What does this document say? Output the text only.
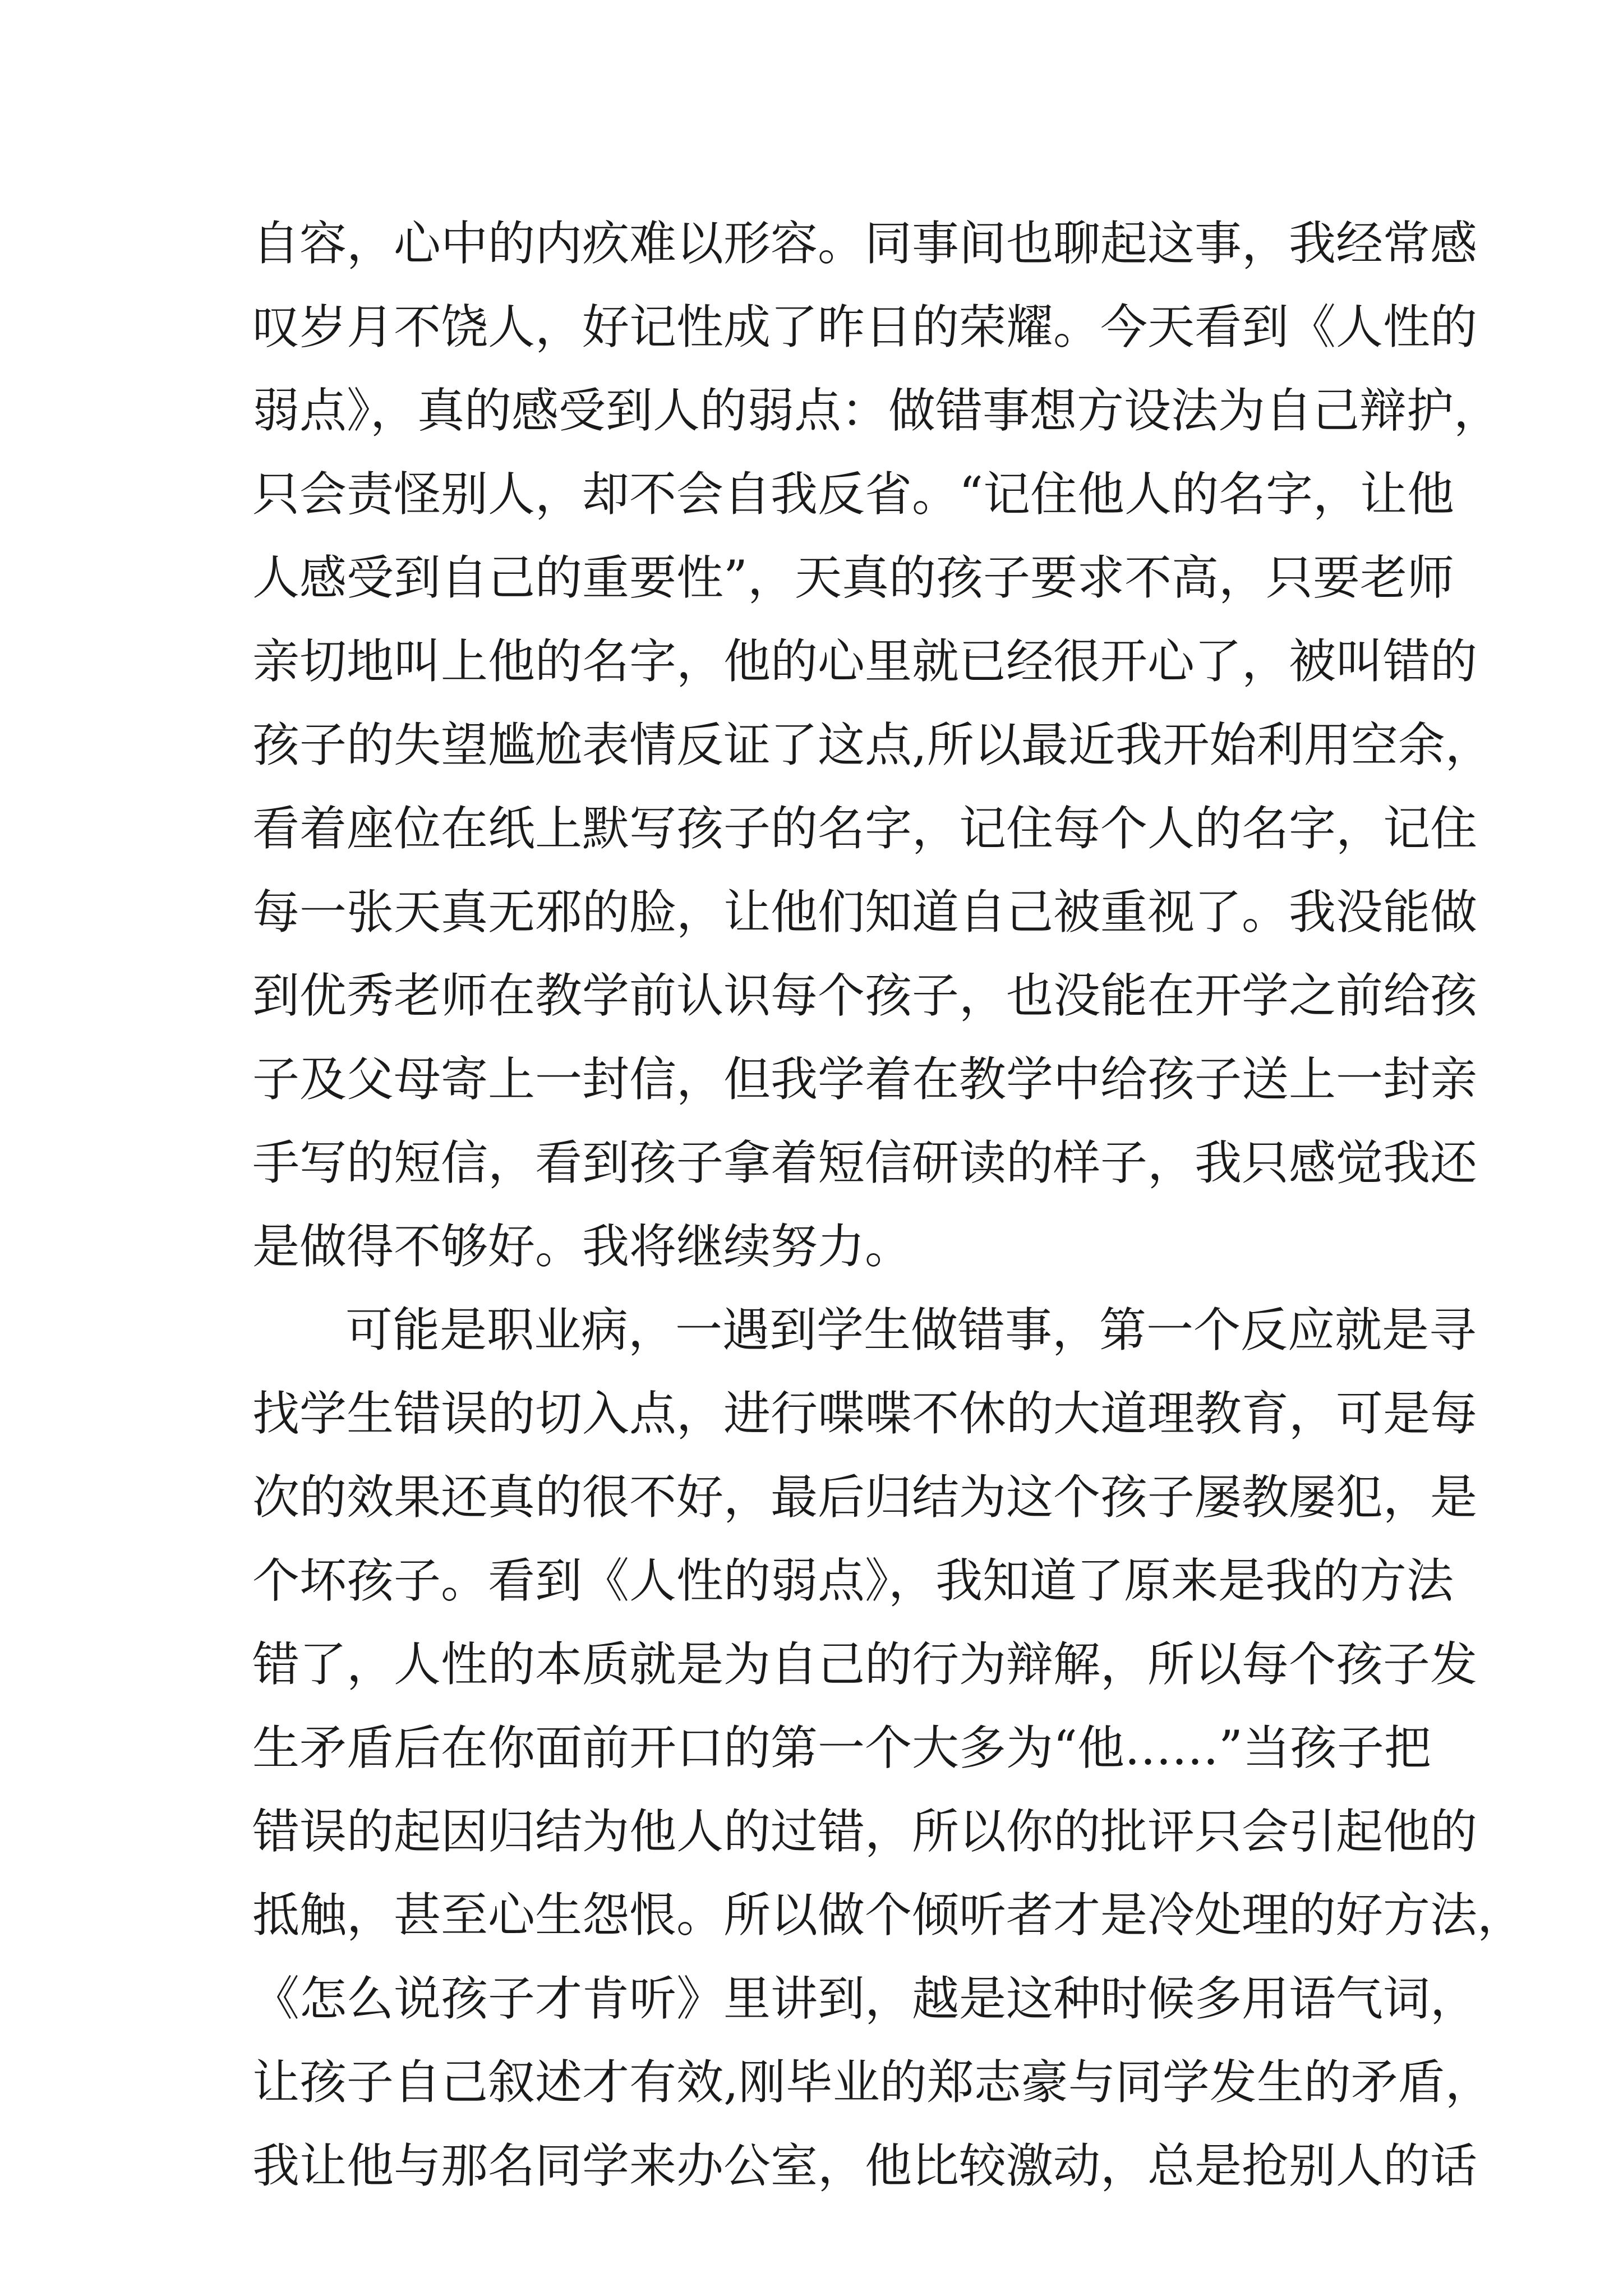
自容，心中的内疚难以形容。同事间也聊起这事，我经常感
叹岁月不饶人，好记性成了昨日的荣耀。今天看到《人性的
弱点》，真的感受到人的弱点：做错事想方设法为自己辩护，
只会责怪别人，却不会自我反省。“记住他人的名字，让他
人感受到自己的重要性”，天真的孩子要求不高，只要老师
亲切地叫上他的名字，他的心里就已经很开心了，被叫错的
孩子的失望尴尬表情反证了这点,所以最近我开始利用空余，
看着座位在纸上默写孩子的名字，记住每个人的名字，记住
每一张天真无邪的脸，让他们知道自己被重视了。我没能做
到优秀老师在教学前认识每个孩子，也没能在开学之前给孩
子及父母寄上一封信，但我学着在教学中给孩子送上一封亲
手写的短信，看到孩子拿着短信研读的样子，我只感觉我还
是做得不够好。我将继续努力。
可能是职业病，一遇到学生做错事，第一个反应就是寻
找学生错误的切入点，进行喋喋不休的大道理教育，可是每
次的效果还真的很不好，最后归结为这个孩子屡教屡犯，是
个坏孩子。看到《人性的弱点》，我知道了原来是我的方法
错了，人性的本质就是为自己的行为辩解，所以每个孩子发
生矛盾后在你面前开口的第一个大多为“他……”当孩子把
错误的起因归结为他人的过错，所以你的批评只会引起他的
抵触，甚至心生怨恨。所以做个倾听者才是冷处理的好方法，
《怎么说孩子才肯听》里讲到，越是这种时候多用语气词，
让孩子自己叙述才有效,刚毕业的郑志豪与同学发生的矛盾，
我让他与那名同学来办公室，他比较激动，总是抢别人的话
